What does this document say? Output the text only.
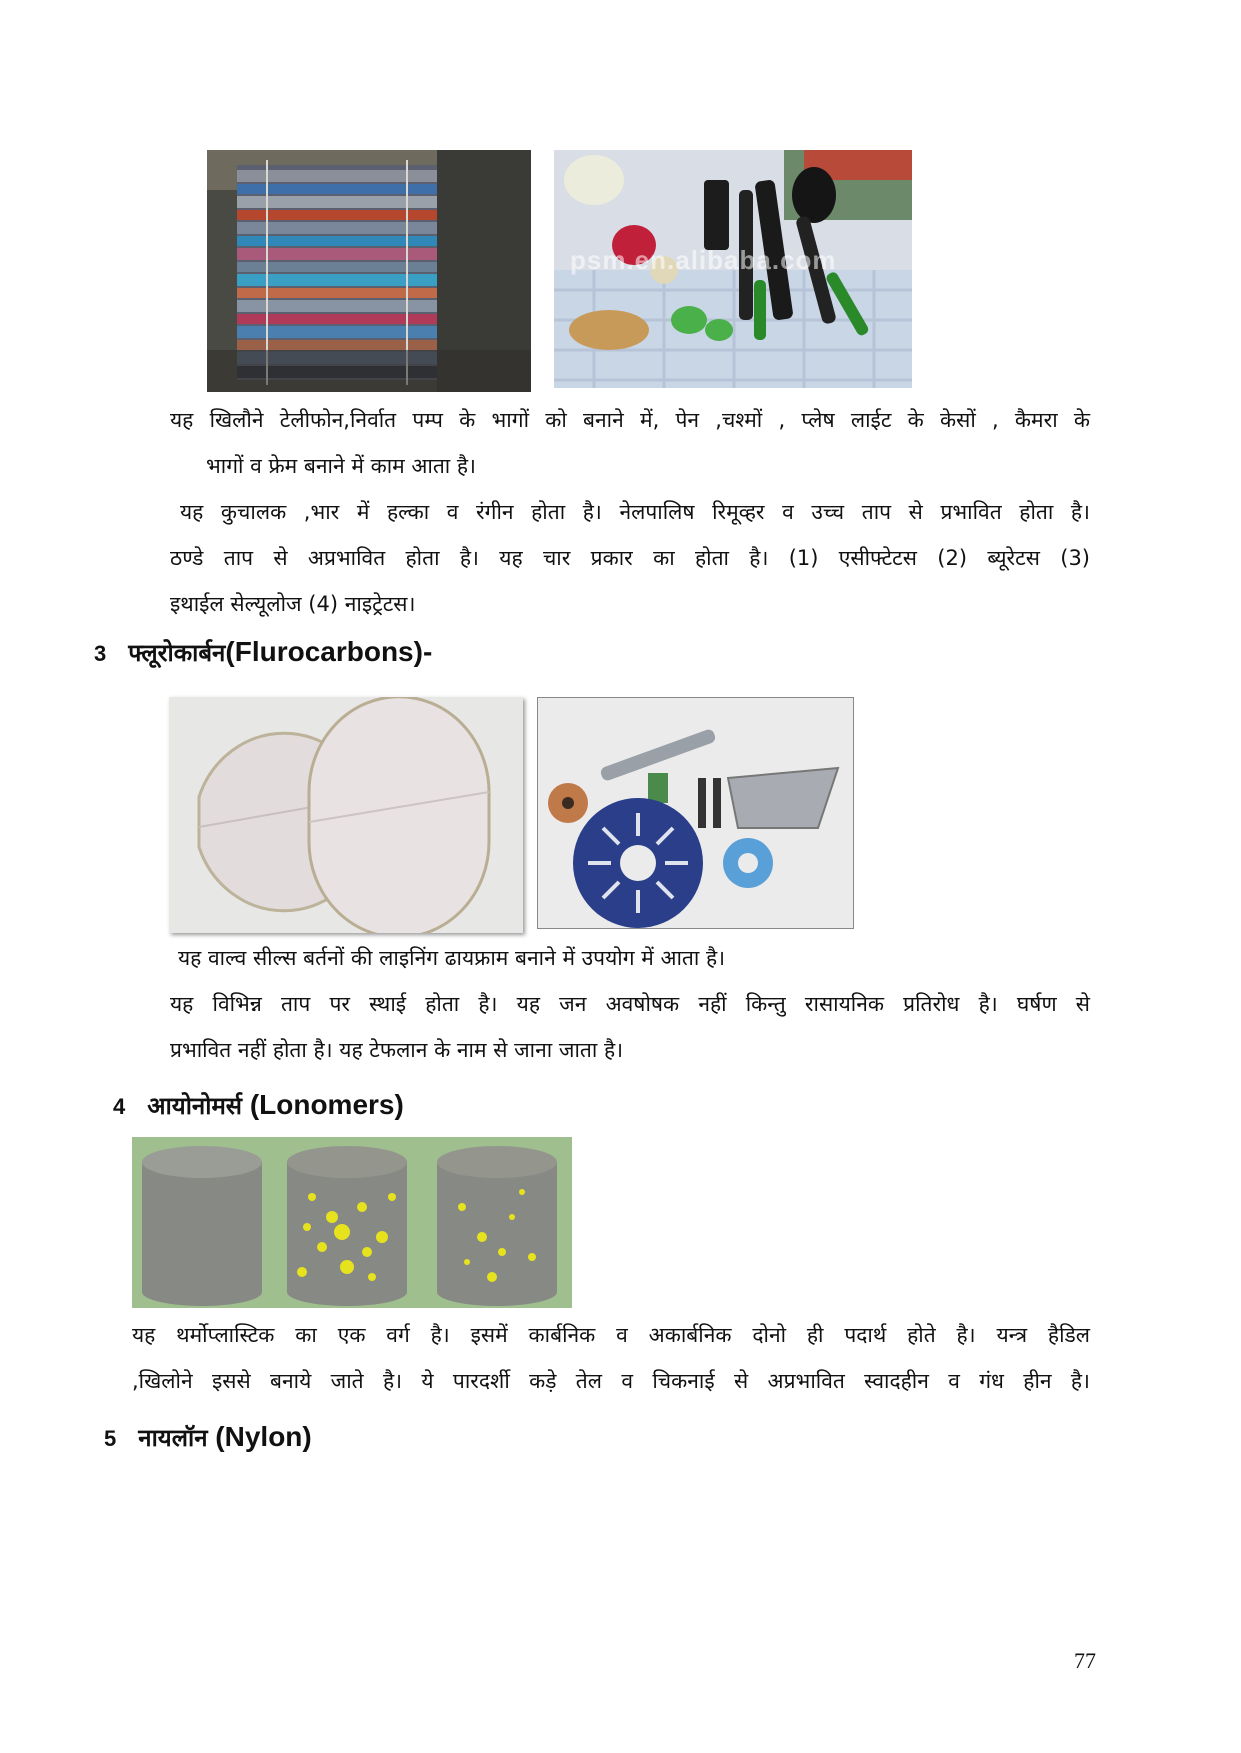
psm.en.alibaba.com

यह खिलौने टेलीफोन,निर्वात पम्प के भागों को बनाने में, पेन ,चश्मों , प्लेष लाईट के केसों , कैमरा के
भागों व फ्रेम बनाने में काम आता है।

यह कुचालक ,भार में हल्का व रंगीन होता है। नेलपालिष रिमूव्हर व उच्च ताप से प्रभावित होता है।
ठण्डे ताप से अप्रभावित होता है। यह चार प्रकार का होता है। (1) एसीफ्टेटस (2) ब्यूरेटस (3)
इथाईल सेल्यूलोज (4) नाइट्रेटस।

3 फ्लूरोकार्बन(Flurocarbons)-

यह वाल्व सील्स बर्तनों की लाइनिंग ढायफ्राम बनाने में उपयोग में आता है।

यह विभिन्न ताप पर स्थाई होता है। यह जन अवषोषक नहीं किन्तु रासायनिक प्रतिरोध है। घर्षण से
प्रभावित नहीं होता है। यह टेफलान के नाम से जाना जाता है।

4 आयोनोमर्स (Lonomers)

यह थर्मोप्लास्टिक का एक वर्ग है। इसमें कार्बनिक व अकार्बनिक दोनो ही पदार्थ होते है। यन्त्र हैडिल
,खिलोने इससे बनाये जाते है। ये पारदर्शी कड़े तेल व चिकनाई से अप्रभावित स्वादहीन व गंध हीन है।

5 नायलॉन (Nylon)
77
